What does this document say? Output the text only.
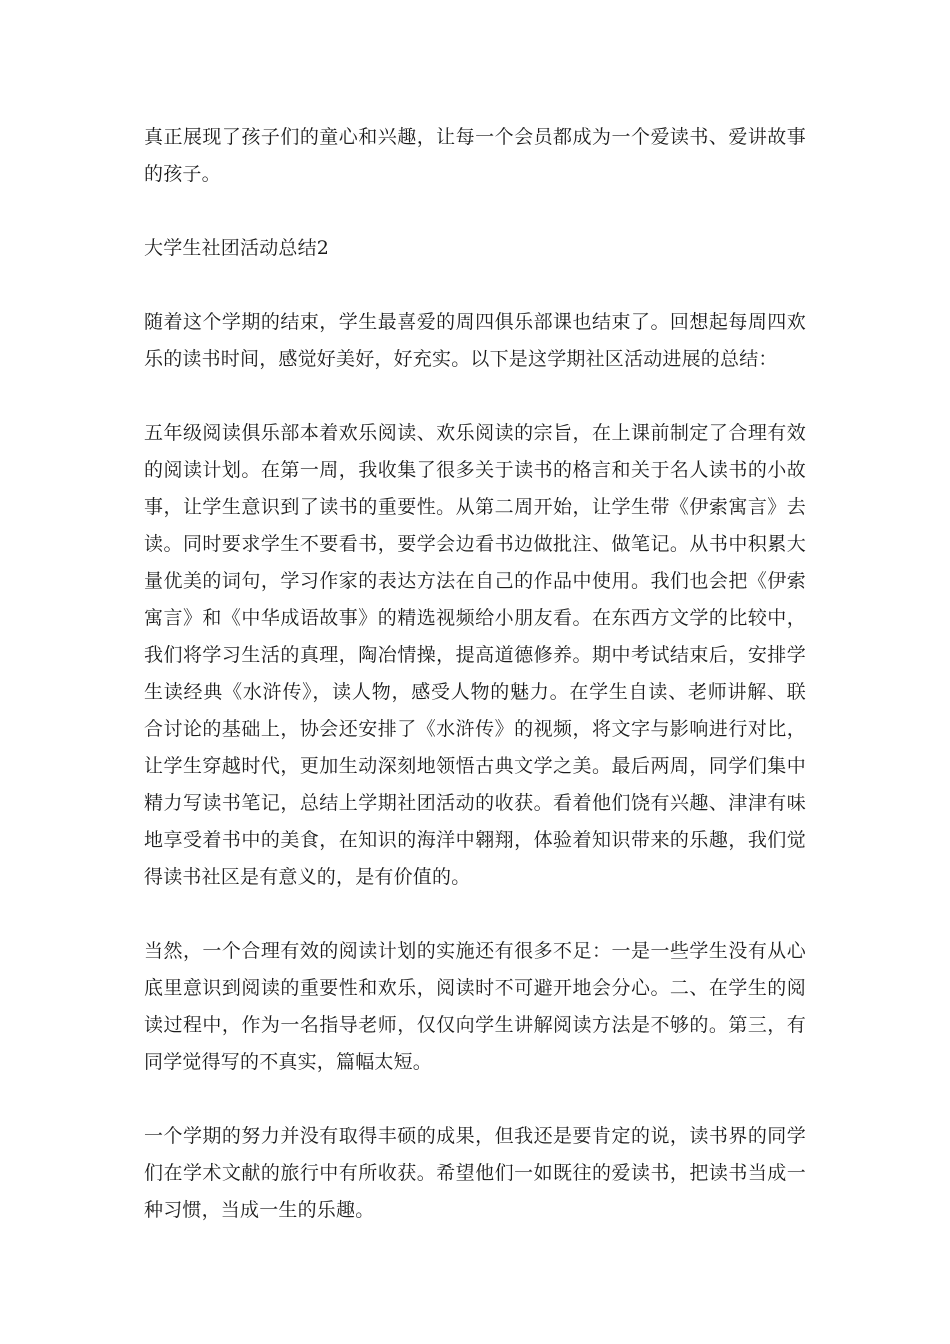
真正展现了孩子们的童心和兴趣，让每一个会员都成为一个爱读书、爱讲故事的孩子。

大学生社团活动总结2

随着这个学期的结束，学生最喜爱的周四俱乐部课也结束了。回想起每周四欢乐的读书时间，感觉好美好，好充实。以下是这学期社区活动进展的总结：

五年级阅读俱乐部本着欢乐阅读、欢乐阅读的宗旨，在上课前制定了合理有效的阅读计划。在第一周，我收集了很多关于读书的格言和关于名人读书的小故事，让学生意识到了读书的重要性。从第二周开始，让学生带《伊索寓言》去读。同时要求学生不要看书，要学会边看书边做批注、做笔记。从书中积累大量优美的词句，学习作家的表达方法在自己的作品中使用。我们也会把《伊索寓言》和《中华成语故事》的精选视频给小朋友看。在东西方文学的比较中，我们将学习生活的真理，陶冶情操，提高道德修养。期中考试结束后，安排学生读经典《水浒传》，读人物，感受人物的魅力。在学生自读、老师讲解、联合讨论的基础上，协会还安排了《水浒传》的视频，将文字与影响进行对比，让学生穿越时代，更加生动深刻地领悟古典文学之美。最后两周，同学们集中精力写读书笔记，总结上学期社团活动的收获。看着他们饶有兴趣、津津有味地享受着书中的美食，在知识的海洋中翱翔，体验着知识带来的乐趣，我们觉得读书社区是有意义的，是有价值的。

当然，一个合理有效的阅读计划的实施还有很多不足：一是一些学生没有从心底里意识到阅读的重要性和欢乐，阅读时不可避开地会分心。二、在学生的阅读过程中，作为一名指导老师，仅仅向学生讲解阅读方法是不够的。第三，有同学觉得写的不真实，篇幅太短。

一个学期的努力并没有取得丰硕的成果，但我还是要肯定的说，读书界的同学们在学术文献的旅行中有所收获。希望他们一如既往的爱读书，把读书当成一种习惯，当成一生的乐趣。
